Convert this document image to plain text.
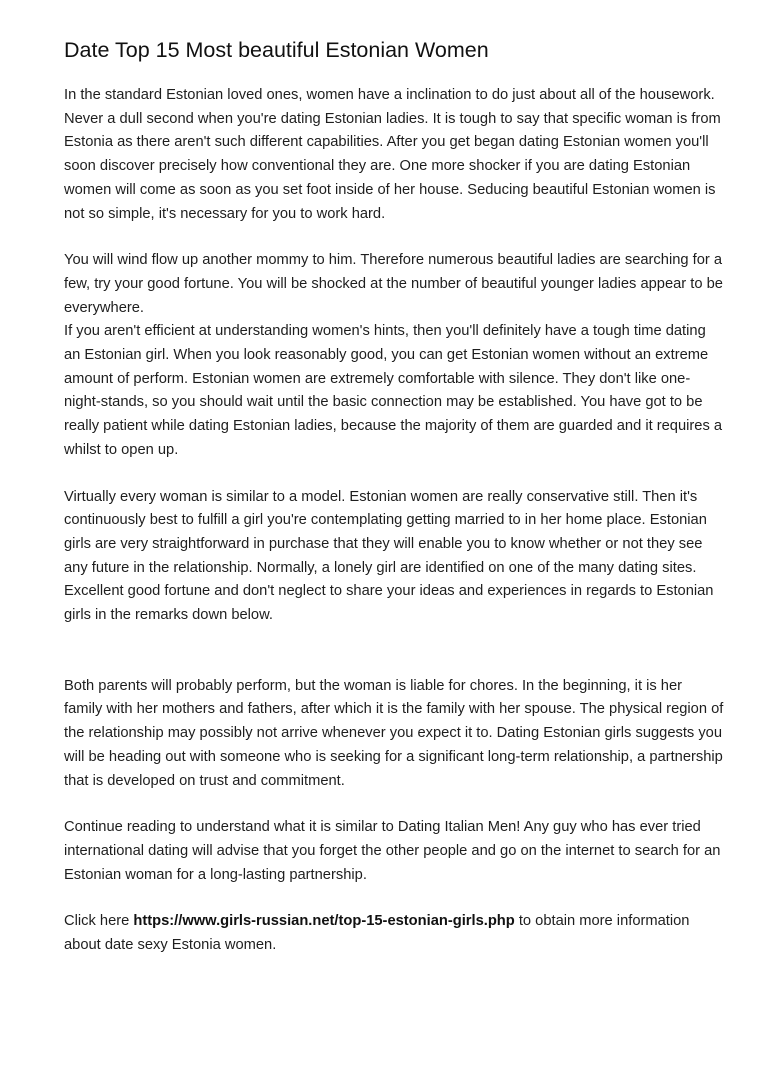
Date Top 15 Most beautiful Estonian Women

In the standard Estonian loved ones, women have a inclination to do just about all of the housework. Never a dull second when you're dating Estonian ladies. It is tough to say that specific woman is from Estonia as there aren't such different capabilities. After you get began dating Estonian women you'll soon discover precisely how conventional they are. One more shocker if you are dating Estonian women will come as soon as you set foot inside of her house. Seducing beautiful Estonian women is not so simple, it's necessary for you to work hard.

You will wind flow up another mommy to him. Therefore numerous beautiful ladies are searching for a few, try your good fortune. You will be shocked at the number of beautiful younger ladies appear to be everywhere.

If you aren't efficient at understanding women's hints, then you'll definitely have a tough time dating an Estonian girl. When you look reasonably good, you can get Estonian women without an extreme amount of perform. Estonian women are extremely comfortable with silence. They don't like one-night-stands, so you should wait until the basic connection may be established. You have got to be really patient while dating Estonian ladies, because the majority of them are guarded and it requires a whilst to open up.

Virtually every woman is similar to a model. Estonian women are really conservative still. Then it's continuously best to fulfill a girl you're contemplating getting married to in her home place. Estonian girls are very straightforward in purchase that they will enable you to know whether or not they see any future in the relationship. Normally, a lonely girl are identified on one of the many dating sites. Excellent good fortune and don't neglect to share your ideas and experiences in regards to Estonian girls in the remarks down below.

Both parents will probably perform, but the woman is liable for chores. In the beginning, it is her family with her mothers and fathers, after which it is the family with her spouse. The physical region of the relationship may possibly not arrive whenever you expect it to. Dating Estonian girls suggests you will be heading out with someone who is seeking for a significant long-term relationship, a partnership that is developed on trust and commitment.

Continue reading to understand what it is similar to Dating Italian Men! Any guy who has ever tried international dating will advise that you forget the other people and go on the internet to search for an Estonian woman for a long-lasting partnership.

Click here https://www.girls-russian.net/top-15-estonian-girls.php to obtain more information about date sexy Estonia women.
